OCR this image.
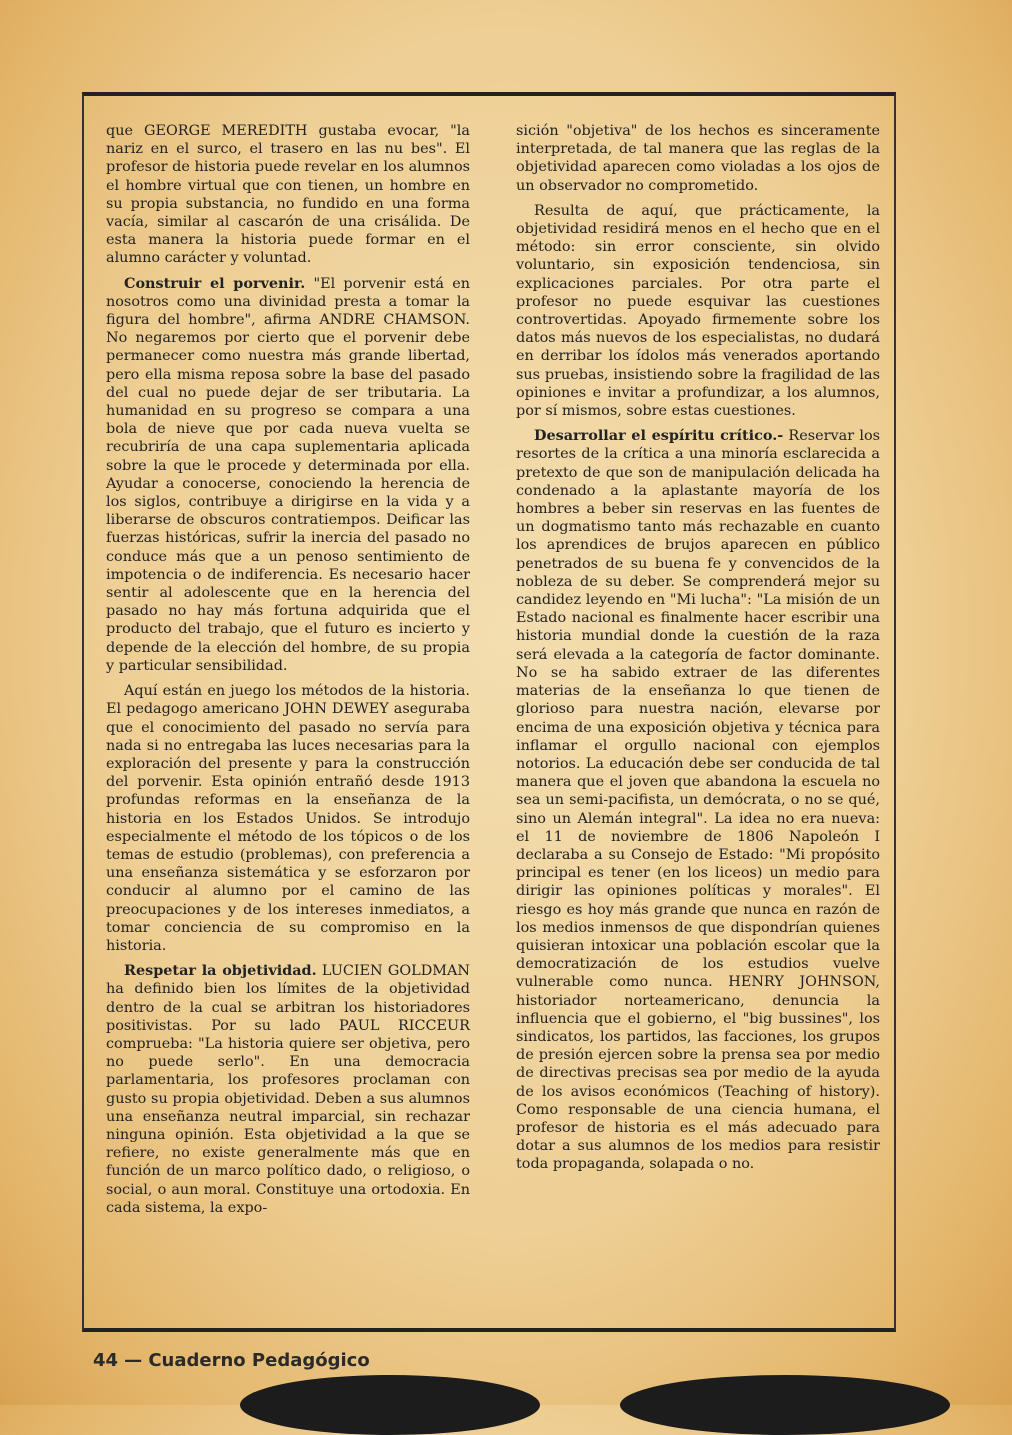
que GEORGE MEREDITH gustaba evocar, "la nariz en el surco, el trasero en las nu bes". El profesor de historia puede revelar en los alumnos el hombre virtual que con tienen, un hombre en su propia substancia, no fundido en una forma vacía, similar al cascarón de una crisálida. De esta manera la historia puede formar en el alumno carácter y voluntad.

Construir el porvenir. "El porvenir está en nosotros como una divinidad presta a tomar la figura del hombre", afirma ANDRE CHAMSON. No negaremos por cierto que el porvenir debe permanecer como nuestra más grande libertad, pero ella misma reposa sobre la base del pasado del cual no puede dejar de ser tributaria. La humanidad en su progreso se compara a una bola de nieve que por cada nueva vuelta se recubriría de una capa suplementaria aplicada sobre la que le procede y determinada por ella. Ayudar a conocerse, conociendo la herencia de los siglos, contribuye a dirigirse en la vida y a liberarse de obscuros contratiempos. Deificar las fuerzas históricas, sufrir la inercia del pasado no conduce más que a un penoso sentimiento de impotencia o de indiferencia. Es necesario hacer sentir al adolescente que en la herencia del pasado no hay más fortuna adquirida que el producto del trabajo, que el futuro es incierto y depende de la elección del hombre, de su propia y particular sensibilidad.

Aquí están en juego los métodos de la historia. El pedagogo americano JOHN DEWEY aseguraba que el conocimiento del pasado no servía para nada si no entregaba las luces necesarias para la exploración del presente y para la construcción del porvenir. Esta opinión entrañó desde 1913 profundas reformas en la enseñanza de la historia en los Estados Unidos. Se introdujo especialmente el método de los tópicos o de los temas de estudio (problemas), con preferencia a una enseñanza sistemática y se esforzaron por conducir al alumno por el camino de las preocupaciones y de los intereses inmediatos, a tomar conciencia de su compromiso en la historia.

Respetar la objetividad. LUCIEN GOLDMAN ha definido bien los límites de la objetividad dentro de la cual se arbitran los historiadores positivistas. Por su lado PAUL RICCEUR comprueba: "La historia quiere ser objetiva, pero no puede serlo". En una democracia parlamentaria, los profesores proclaman con gusto su propia objetividad. Deben a sus alumnos una enseñanza neutral imparcial, sin rechazar ninguna opinión. Esta objetividad a la que se refiere, no existe generalmente más que en función de un marco político dado, o religioso, o social, o aun moral. Constituye una ortodoxia. En cada sistema, la expo-

sición "objetiva" de los hechos es sinceramente interpretada, de tal manera que las reglas de la objetividad aparecen como violadas a los ojos de un observador no comprometido.

Resulta de aquí, que prácticamente, la objetividad residirá menos en el hecho que en el método: sin error consciente, sin olvido voluntario, sin exposición tendenciosa, sin explicaciones parciales. Por otra parte el profesor no puede esquivar las cuestiones controvertidas. Apoyado firmemente sobre los datos más nuevos de los especialistas, no dudará en derribar los ídolos más venerados aportando sus pruebas, insistiendo sobre la fragilidad de las opiniones e invitar a profundizar, a los alumnos, por sí mismos, sobre estas cuestiones.

Desarrollar el espíritu crítico.- Reservar los resortes de la crítica a una minoría esclarecida a pretexto de que son de manipulación delicada ha condenado a la aplastante mayoría de los hombres a beber sin reservas en las fuentes de un dogmatismo tanto más rechazable en cuanto los aprendices de brujos aparecen en público penetrados de su buena fe y convencidos de la nobleza de su deber. Se comprenderá mejor su candidez leyendo en "Mi lucha": "La misión de un Estado nacional es finalmente hacer escribir una historia mundial donde la cuestión de la raza será elevada a la categoría de factor dominante. No se ha sabido extraer de las diferentes materias de la enseñanza lo que tienen de glorioso para nuestra nación, elevarse por encima de una exposición objetiva y técnica para inflamar el orgullo nacional con ejemplos notorios. La educación debe ser conducida de tal manera que el joven que abandona la escuela no sea un semi-pacifista, un demócrata, o no se qué, sino un Alemán integral". La idea no era nueva: el 11 de noviembre de 1806 Napoleón I declaraba a su Consejo de Estado: "Mi propósito principal es tener (en los liceos) un medio para dirigir las opiniones políticas y morales". El riesgo es hoy más grande que nunca en razón de los medios inmensos de que dispondrían quienes quisieran intoxicar una población escolar que la democratización de los estudios vuelve vulnerable como nunca. HENRY JOHNSON, historiador norteamericano, denuncia la influencia que el gobierno, el "big bussines", los sindicatos, los partidos, las facciones, los grupos de presión ejercen sobre la prensa sea por medio de directivas precisas sea por medio de la ayuda de los avisos económicos (Teaching of history). Como responsable de una ciencia humana, el profesor de historia es el más adecuado para dotar a sus alumnos de los medios para resistir toda propaganda, solapada o no.

44 — Cuaderno Pedagógico
